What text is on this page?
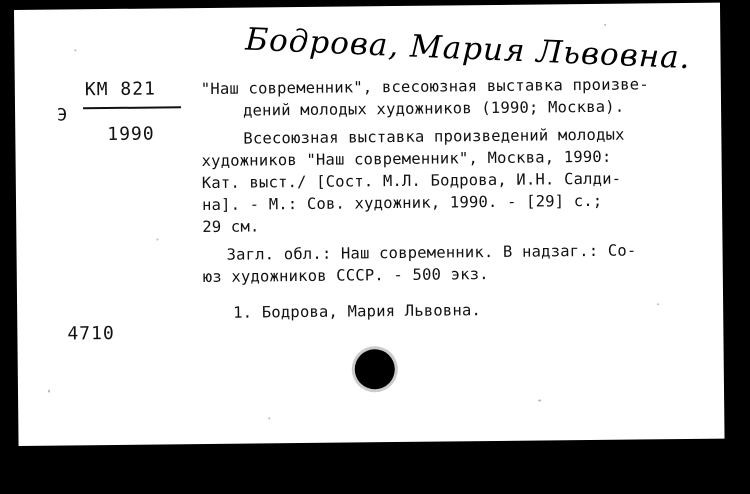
Бодрова, Мария Львовна.
Э
КМ 821
1990
4710
"Наш современник", всесоюзная выставка произве-
дений молодых художников (1990; Москва).
Всесоюзная выставка произведений молодых
художников "Наш современник", Москва, 1990:
Кат. выст./ [Сост. М.Л. Бодрова, И.Н. Салди-
на]. - М.: Сов. художник, 1990. - [29] с.;
29 см.
Загл. обл.: Наш современник. В надзаг.: Со-
юз художников СССР. - 500 экз.
1. Бодрова, Мария Львовна.
